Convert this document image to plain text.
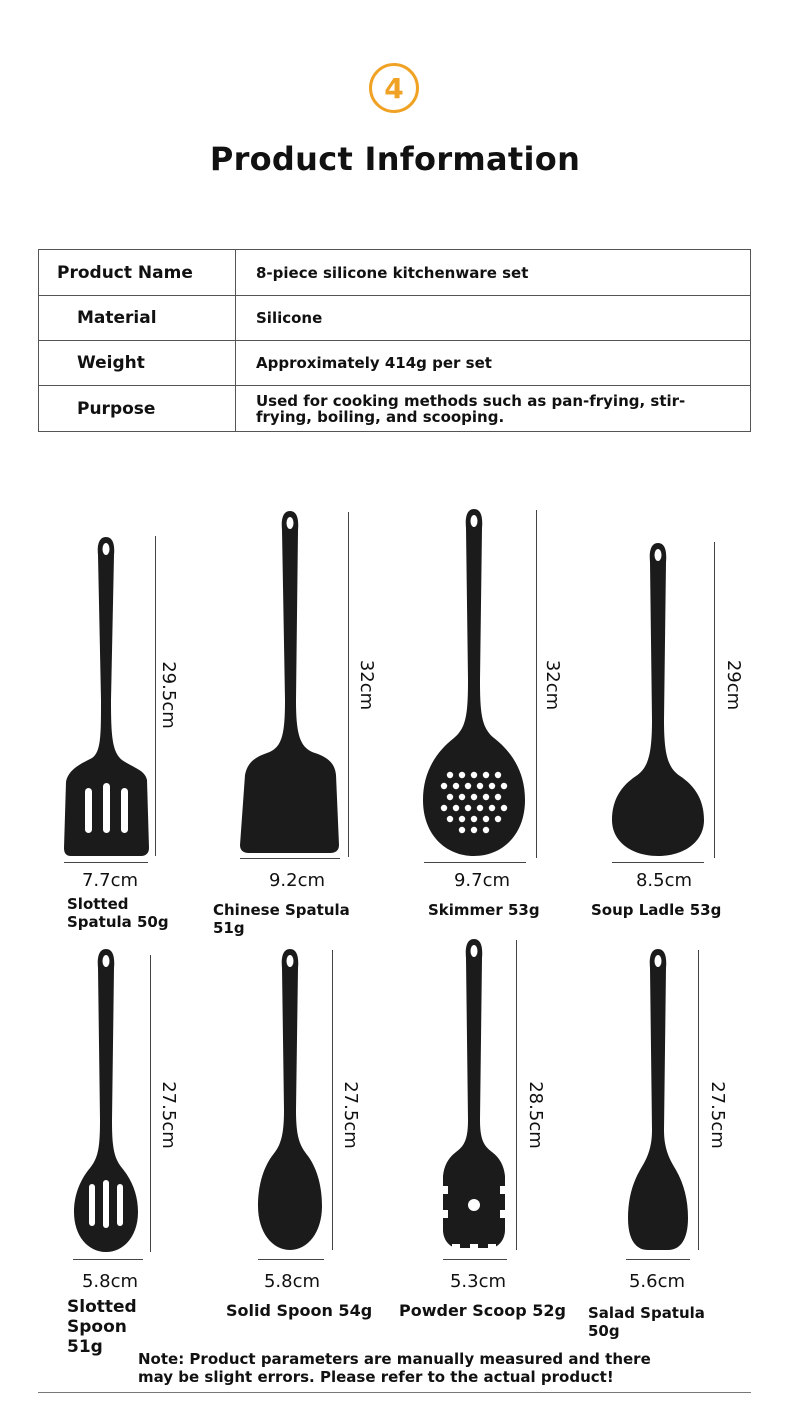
4
Product Information
Product Name	8-piece silicone kitchenware set
Material	Silicone
Weight	Approximately 414g per set
Purpose	Used for cooking methods such as pan-frying, stir-frying, boiling, and scooping.
29.5cm
7.7cm
Slotted Spatula 50g
32cm
9.2cm
Chinese Spatula 51g
32cm
9.7cm
Skimmer 53g
29cm
8.5cm
Soup Ladle 53g
27.5cm
5.8cm
Slotted Spoon 51g
27.5cm
5.8cm
Solid Spoon 54g
28.5cm
5.3cm
Powder Scoop 52g
27.5cm
5.6cm
Salad Spatula 50g
Note: Product parameters are manually measured and there may be slight errors. Please refer to the actual product!
